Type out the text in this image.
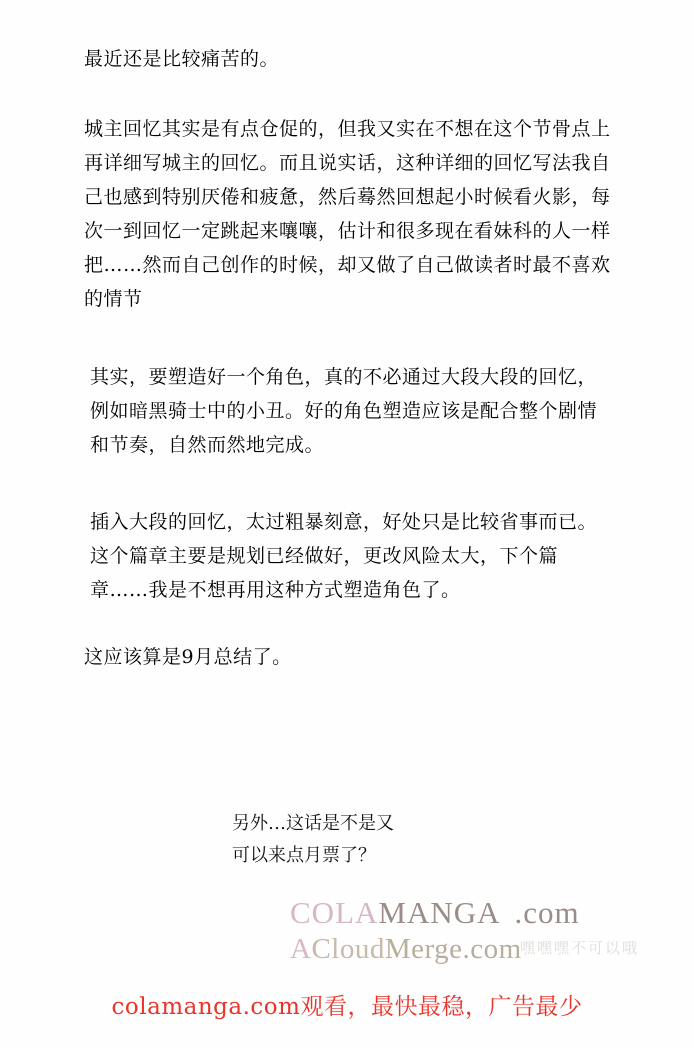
最近还是比较痛苦的。
城主回忆其实是有点仓促的，但我又实在不想在这个节骨点上再详细写城主的回忆。而且说实话，这种详细的回忆写法我自己也感到特别厌倦和疲惫，然后蓦然回想起小时候看火影，每次一到回忆一定跳起来嚷嚷，估计和很多现在看妹科的人一样把……然而自己创作的时候，却又做了自己做读者时最不喜欢的情节
其实，要塑造好一个角色，真的不必通过大段大段的回忆，例如暗黑骑士中的小丑。好的角色塑造应该是配合整个剧情和节奏，自然而然地完成。
插入大段的回忆，太过粗暴刻意，好处只是比较省事而已。这个篇章主要是规划已经做好，更改风险太大，下个篇章……我是不想再用这种方式塑造角色了。
这应该算是9月总结了。
另外…这话是不是又
可以来点月票了？
COLAMANGA .com
ACloudMerge.com
嘿嘿嘿不可以哦
colamanga.com观看，最快最稳，广告最少
